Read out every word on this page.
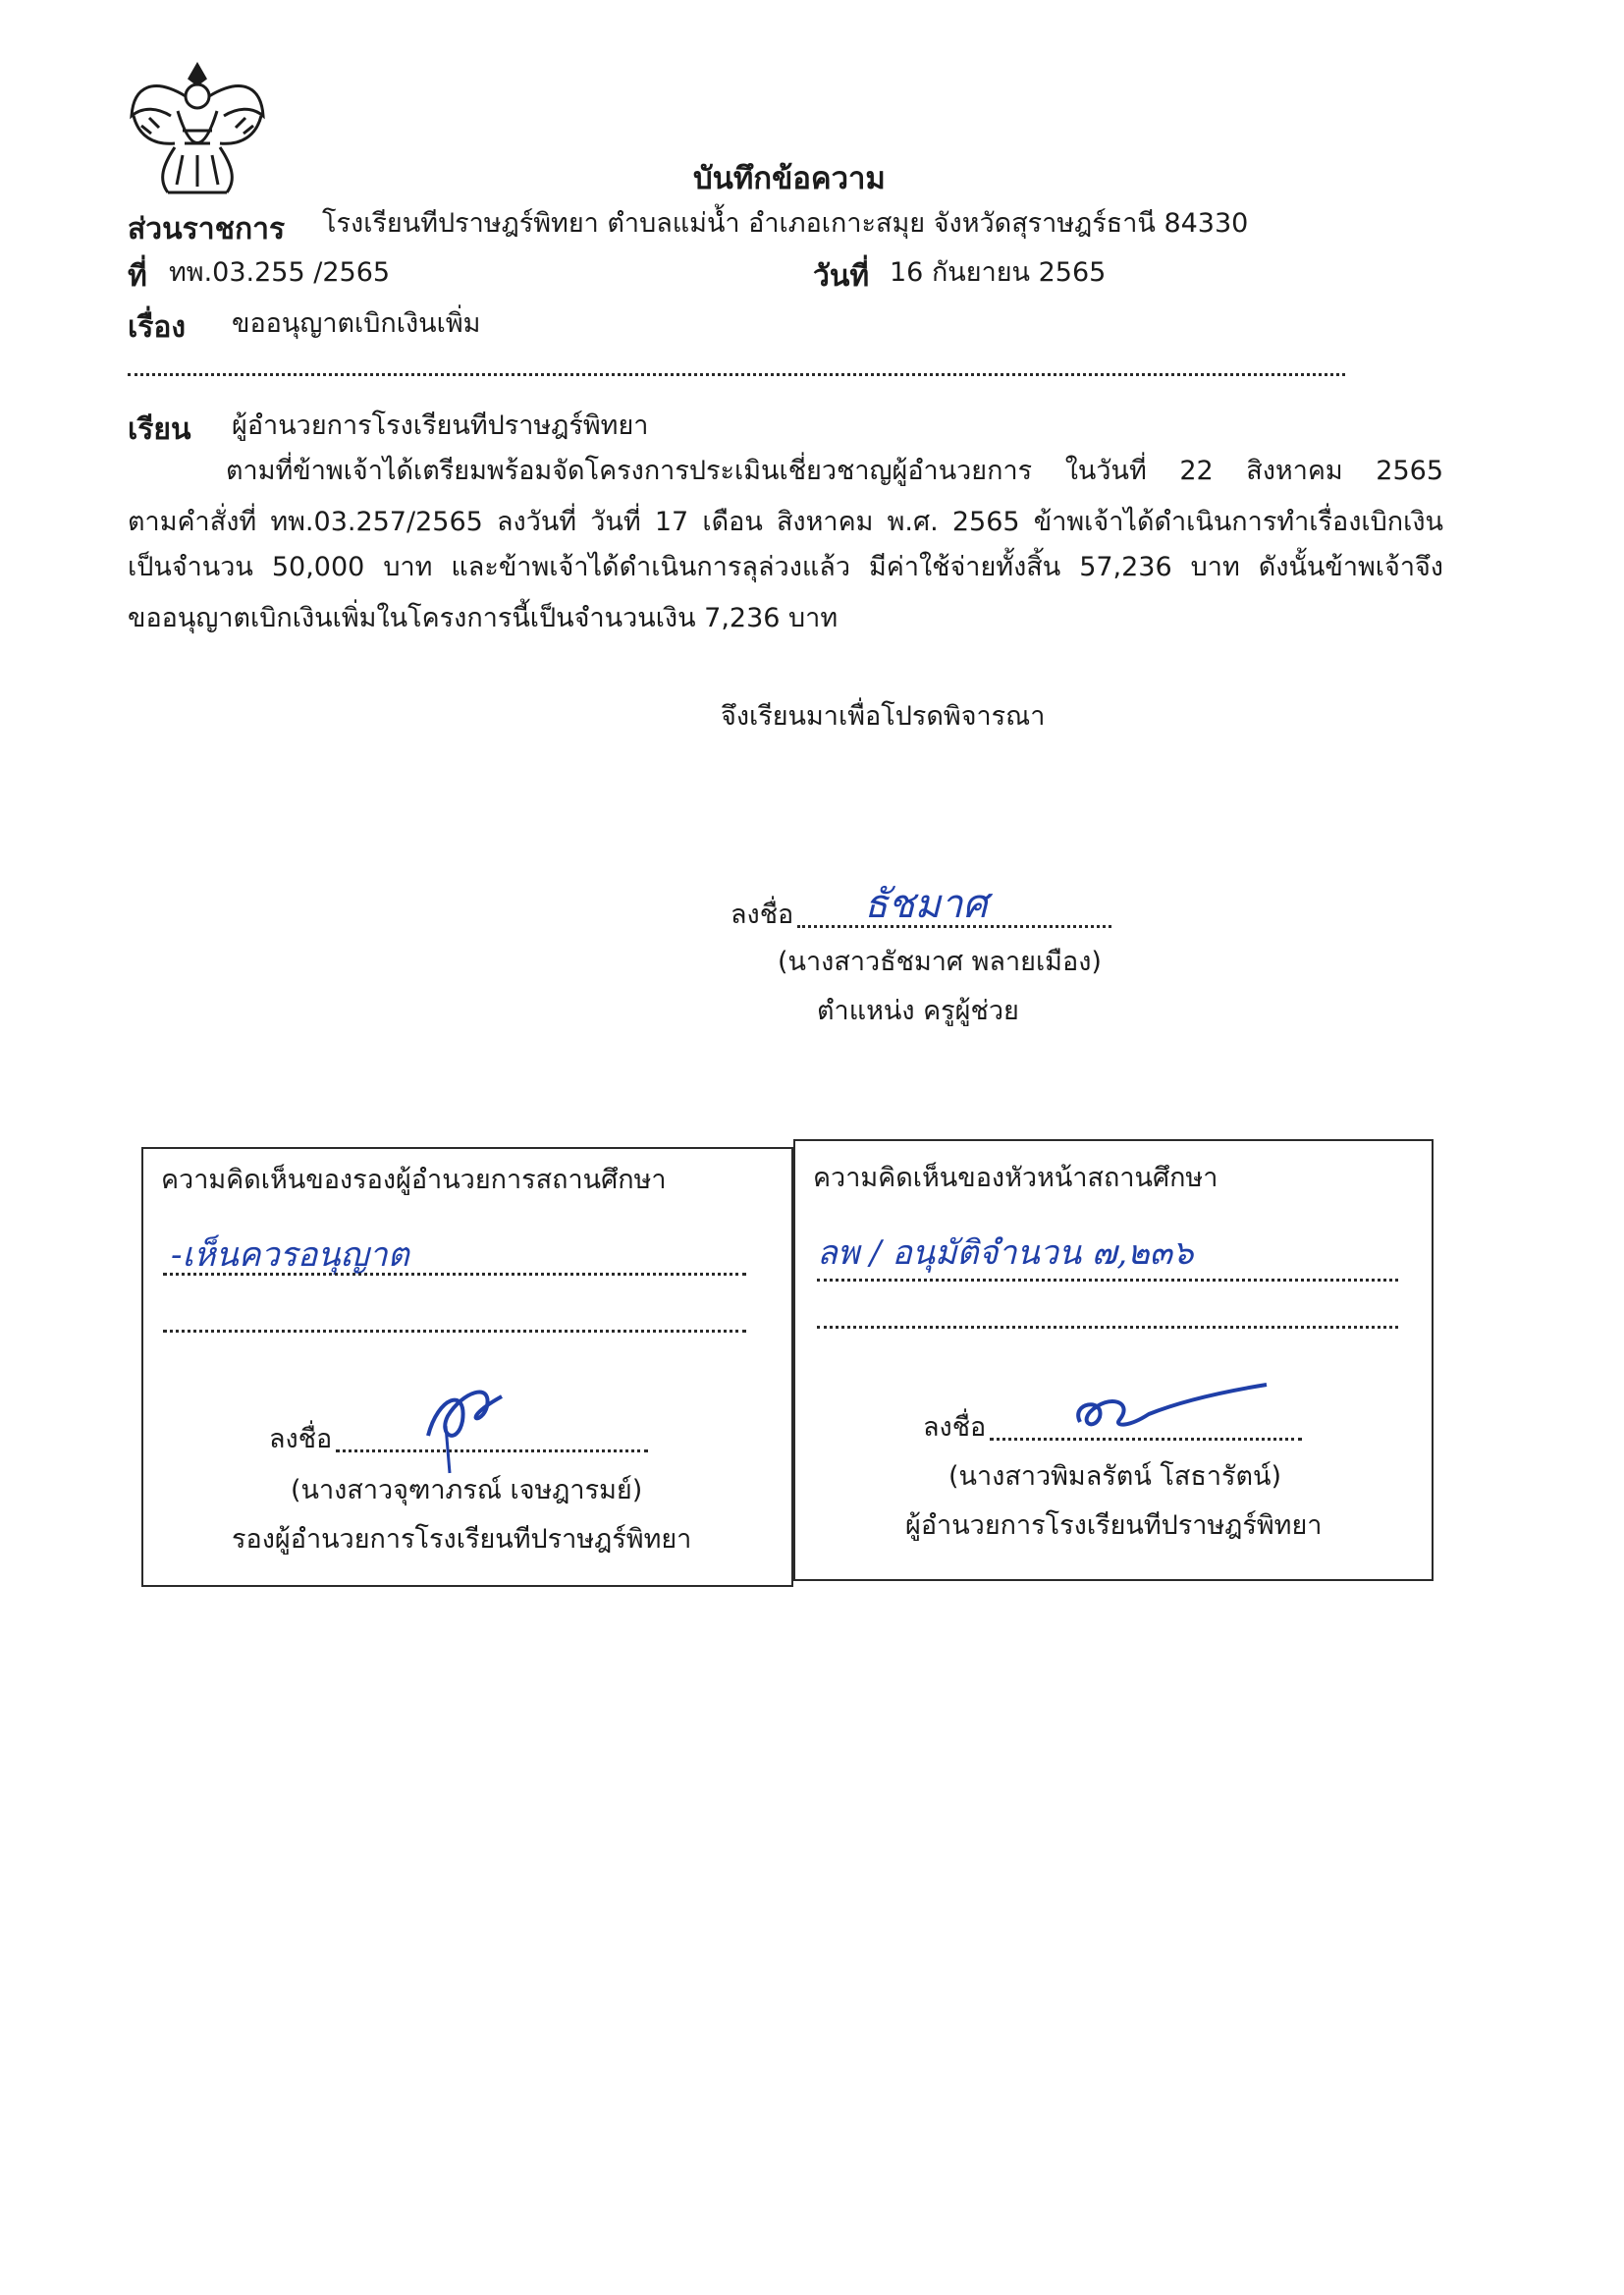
บันทึกข้อความ
ส่วนราชการ โรงเรียนทีปราษฎร์พิทยา ตำบลแม่น้ำ อำเภอเกาะสมุย จังหวัดสุราษฎร์ธานี 84330
ที่ ทพ.03.255 /2565	วันที่ 16 กันยายน 2565
เรื่อง ขออนุญาตเบิกเงินเพิ่ม
เรียน ผู้อำนวยการโรงเรียนทีปราษฎร์พิทยา
ตามที่ข้าพเจ้าได้เตรียมพร้อมจัดโครงการประเมินเชี่ยวชาญผู้อำนวยการ ในวันที่ 22 สิงหาคม 2565
ตามคำสั่งที่ ทพ.03.257/2565 ลงวันที่ วันที่ 17 เดือน สิงหาคม พ.ศ. 2565 ข้าพเจ้าได้ดำเนินการทำเรื่องเบิกเงิน
เป็นจำนวน 50,000 บาท และข้าพเจ้าได้ดำเนินการลุล่วงแล้ว มีค่าใช้จ่ายทั้งสิ้น 57,236 บาท ดังนั้นข้าพเจ้าจึง
ขออนุญาตเบิกเงินเพิ่มในโครงการนี้เป็นจำนวนเงิน 7,236 บาท
จึงเรียนมาเพื่อโปรดพิจารณา
ลงชื่อ ธัชมาศ
(นางสาวธัชมาศ พลายเมือง)
ตำแหน่ง ครูผู้ช่วย
ความคิดเห็นของรองผู้อำนวยการสถานศึกษา
-เห็นควรอนุญาต
ลงชื่อ
(นางสาวจุฑาภรณ์ เจษฎารมย์)
รองผู้อำนวยการโรงเรียนทีปราษฎร์พิทยา
ความคิดเห็นของหัวหน้าสถานศึกษา
ลพ / อนุมัติจำนวน ๗,๒๓๖
ลงชื่อ
(นางสาวพิมลรัตน์ โสธารัตน์)
ผู้อำนวยการโรงเรียนทีปราษฎร์พิทยา
